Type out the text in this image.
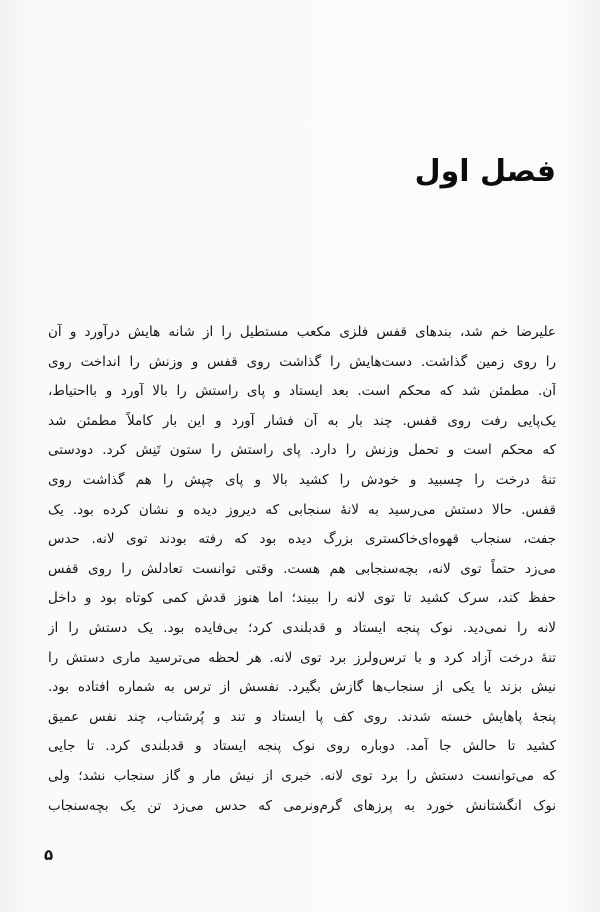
فصل اول
علیرضا خم شد، بندهای قفس فلزی مکعب مستطیل را از شانه هایش درآورد و آن
را روی زمین گذاشت. دست‌هایش را گذاشت روی قفس و وزنش را انداخت روی
آن. مطمئن شد که محکم است. بعد ایستاد و پای راستش را بالا آورد و بااحتیاط،
یک‌پایی رفت روی قفس. چند بار به آن فشار آورد و این بار کاملاً مطمئن شد
که محکم است و تحمل وزنش را دارد. پای راستش را ستون تَنِش کرد. دودستی
تنهٔ درخت را چسبید و خودش را کشید بالا و پای چپش را هم گذاشت روی
قفس. حالا دستش می‌رسید به لانهٔ سنجابی که دیروز دیده و نشان کرده بود. یک
جفت، سنجاب قهوه‌ای‌خاکستری بزرگ دیده بود که رفته بودند توی لانه. حدس
می‌زد حتماً توی لانه، بچه‌سنجابی هم هست. وقتی توانست تعادلش را روی قفس
حفظ کند، سرک کشید تا توی لانه را ببیند؛ اما هنوز قدش کمی کوتاه بود و داخل
لانه را نمی‌دید. نوک پنجه ایستاد و قدبلندی کرد؛ بی‌فایده بود. یک دستش را از
تنهٔ درخت آزاد کرد و با ترس‌ولرز برد توی لانه. هر لحظه می‌ترسید ماری دستش را
نیش بزند یا یکی از سنجاب‌ها گازش بگیرد. نفسش از ترس به شماره افتاده بود.
پنجهٔ پاهایش خسته شدند. روی کف پا ایستاد و تند و پُرشتاب، چند نفس عمیق
کشید تا حالش جا آمد. دوباره روی نوک پنجه ایستاد و قدبلندی کرد. تا جایی
که می‌توانست دستش را برد توی لانه. خبری از نیش مار و گاز سنجاب نشد؛ ولی
نوک انگشتانش خورد به پرزهای گرم‌ونرمی که حدس می‌زد تن یک بچه‌سنجاب
۵
